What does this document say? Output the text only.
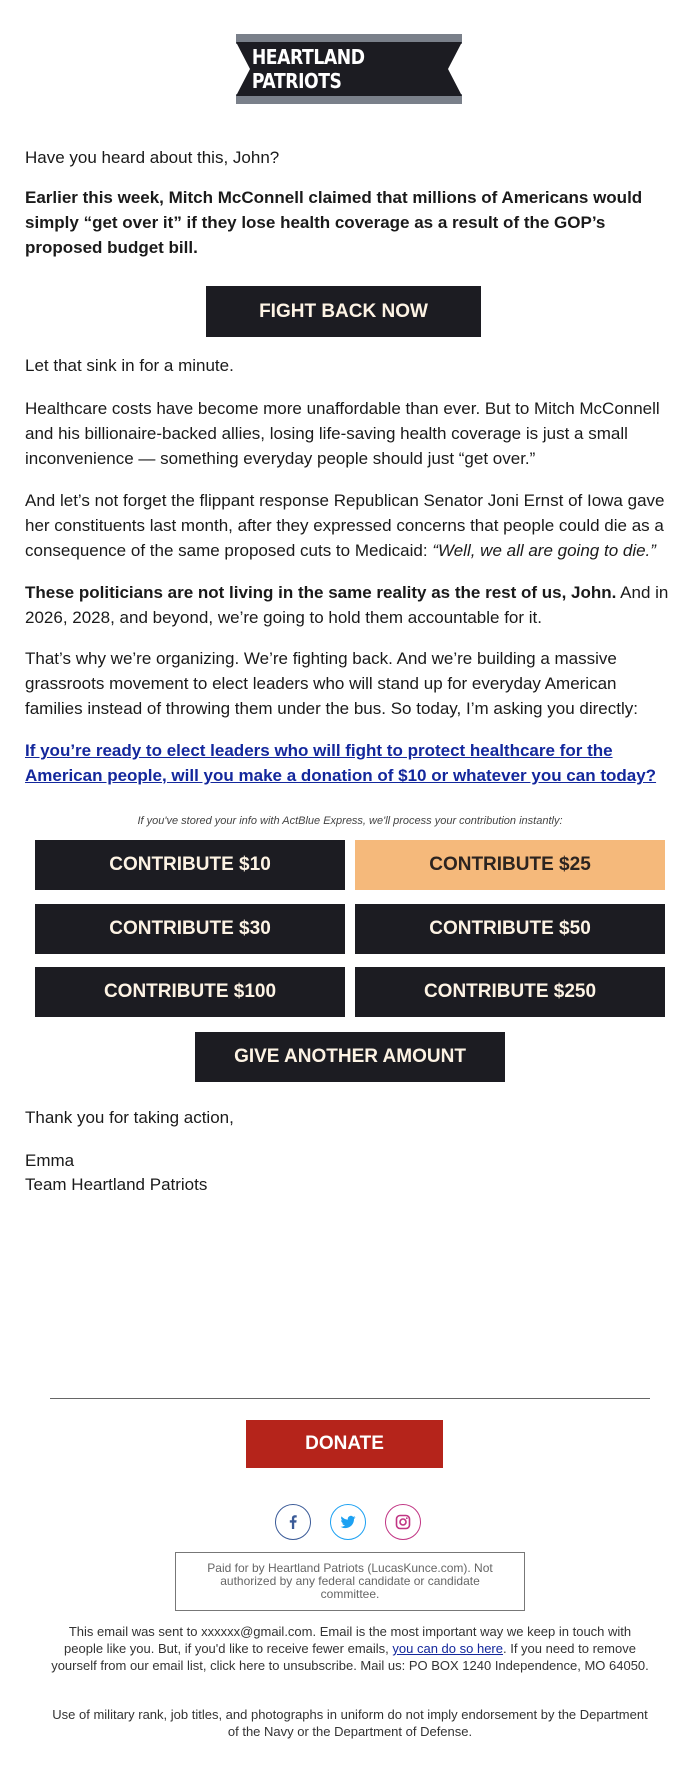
HEARTLAND PATRIOTS
Have you heard about this, John?
Earlier this week, Mitch McConnell claimed that millions of Americans would simply “get over it” if they lose health coverage as a result of the GOP’s proposed budget bill.
FIGHT BACK NOW
Let that sink in for a minute.
Healthcare costs have become more unaffordable than ever. But to Mitch McConnell and his billionaire-backed allies, losing life-saving health coverage is just a small inconvenience — something everyday people should just “get over.”
And let’s not forget the flippant response Republican Senator Joni Ernst of Iowa gave her constituents last month, after they expressed concerns that people could die as a consequence of the same proposed cuts to Medicaid: “Well, we all are going to die.”
These politicians are not living in the same reality as the rest of us, John. And in 2026, 2028, and beyond, we’re going to hold them accountable for it.
That’s why we’re organizing. We’re fighting back. And we’re building a massive grassroots movement to elect leaders who will stand up for everyday American families instead of throwing them under the bus. So today, I’m asking you directly:
If you’re ready to elect leaders who will fight to protect healthcare for the American people, will you make a donation of $10 or whatever you can today?
If you've stored your info with ActBlue Express, we'll process your contribution instantly:
CONTRIBUTE $10	CONTRIBUTE $25
CONTRIBUTE $30	CONTRIBUTE $50
CONTRIBUTE $100	CONTRIBUTE $250
GIVE ANOTHER AMOUNT
Thank you for taking action,
Emma
Team Heartland Patriots
DONATE
Paid for by Heartland Patriots (LucasKunce.com). Not authorized by any federal candidate or candidate committee.
This email was sent to xxxxxx@gmail.com. Email is the most important way we keep in touch with people like you. But, if you'd like to receive fewer emails, you can do so here. If you need to remove yourself from our email list, click here to unsubscribe. Mail us: PO BOX 1240 Independence, MO 64050.
Use of military rank, job titles, and photographs in uniform do not imply endorsement by the Department of the Navy or the Department of Defense.
